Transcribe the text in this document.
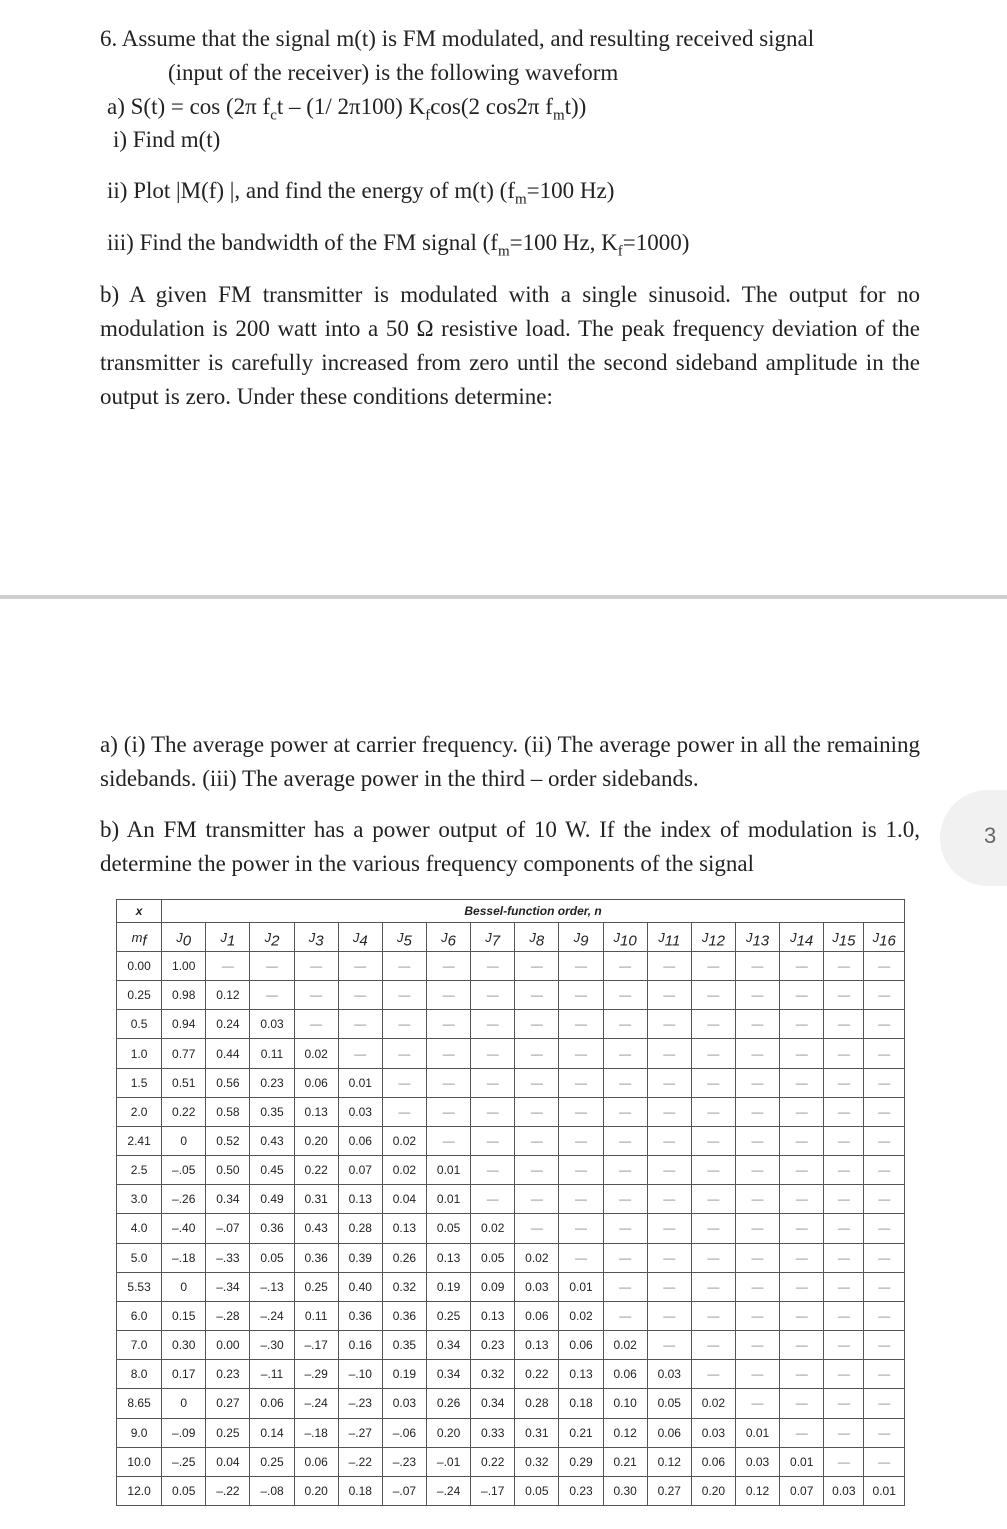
6. Assume that the signal m(t) is FM modulated, and resulting received signal
(input of the receiver) is the following waveform
a) S(t) = cos (2π $f_ct - (1/$ 2π100) $K_f\cos(2$ cos2π $f_mt$))
i) Find m(t)
ii) Plot |M(f) |, and find the energy of m(t) ($f_m=100$ Hz)
iii) Find the bandwidth of the FM signal ($f_m=100$ Hz, $K_f=1000$)
b) A given FM transmitter is modulated with a single sinusoid. The output for no modulation is 200 watt into a 50 Ω resistive load. The peak frequency deviation of the transmitter is carefully increased from zero until the second sideband amplitude in the output is zero. Under these conditions determine:
a) (i) The average power at carrier frequency. (ii) The average power in all the remaining sidebands. (iii) The average power in the third – order sidebands.
b) An FM transmitter has a power output of 10 W. If the index of modulation is 1.0, determine the power in the various frequency components of the signal
3
x	Bessel-function order, n																
$m_f$	$J_0$	$J_1$	$J_2$	$J_3$	$J_4$	$J_5$	$J_6$	$J_7$	$J_8$	$J_9$	$J_{10}$	$J_{11}$	$J_{12}$	$J_{13}$	$J_{14}$	$J_{15}$	$J_{16}$
0.00	1.00	—	—	—	—	—	—	—	—	—	—	—	—	—	—	—	—
0.25	0.98	0.12	—	—	—	—	—	—	—	—	—	—	—	—	—	—	—
0.5	0.94	0.24	0.03	—	—	—	—	—	—	—	—	—	—	—	—	—	—
1.0	0.77	0.44	0.11	0.02	—	—	—	—	—	—	—	—	—	—	—	—	—
1.5	0.51	0.56	0.23	0.06	0.01	—	—	—	—	—	—	—	—	—	—	—	—
2.0	0.22	0.58	0.35	0.13	0.03	—	—	—	—	—	—	—	—	—	—	—	—
2.41	0	0.52	0.43	0.20	0.06	0.02	—	—	—	—	—	—	—	—	—	—	—
2.5	–.05	0.50	0.45	0.22	0.07	0.02	0.01	—	—	—	—	—	—	—	—	—	—
3.0	–.26	0.34	0.49	0.31	0.13	0.04	0.01	—	—	—	—	—	—	—	—	—	—
4.0	–.40	–.07	0.36	0.43	0.28	0.13	0.05	0.02	—	—	—	—	—	—	—	—	—
5.0	–.18	–.33	0.05	0.36	0.39	0.26	0.13	0.05	0.02	—	—	—	—	—	—	—	—
5.53	0	–.34	–.13	0.25	0.40	0.32	0.19	0.09	0.03	0.01	—	—	—	—	—	—	—
6.0	0.15	–.28	–.24	0.11	0.36	0.36	0.25	0.13	0.06	0.02	—	—	—	—	—	—	—
7.0	0.30	0.00	–.30	–.17	0.16	0.35	0.34	0.23	0.13	0.06	0.02	—	—	—	—	—	—
8.0	0.17	0.23	–.11	–.29	–.10	0.19	0.34	0.32	0.22	0.13	0.06	0.03	—	—	—	—	—
8.65	0	0.27	0.06	–.24	–.23	0.03	0.26	0.34	0.28	0.18	0.10	0.05	0.02	—	—	—	—
9.0	–.09	0.25	0.14	–.18	–.27	–.06	0.20	0.33	0.31	0.21	0.12	0.06	0.03	0.01	—	—	—
10.0	–.25	0.04	0.25	0.06	–.22	–.23	–.01	0.22	0.32	0.29	0.21	0.12	0.06	0.03	0.01	—	—
12.0	0.05	–.22	–.08	0.20	0.18	–.07	–.24	–.17	0.05	0.23	0.30	0.27	0.20	0.12	0.07	0.03	0.01
